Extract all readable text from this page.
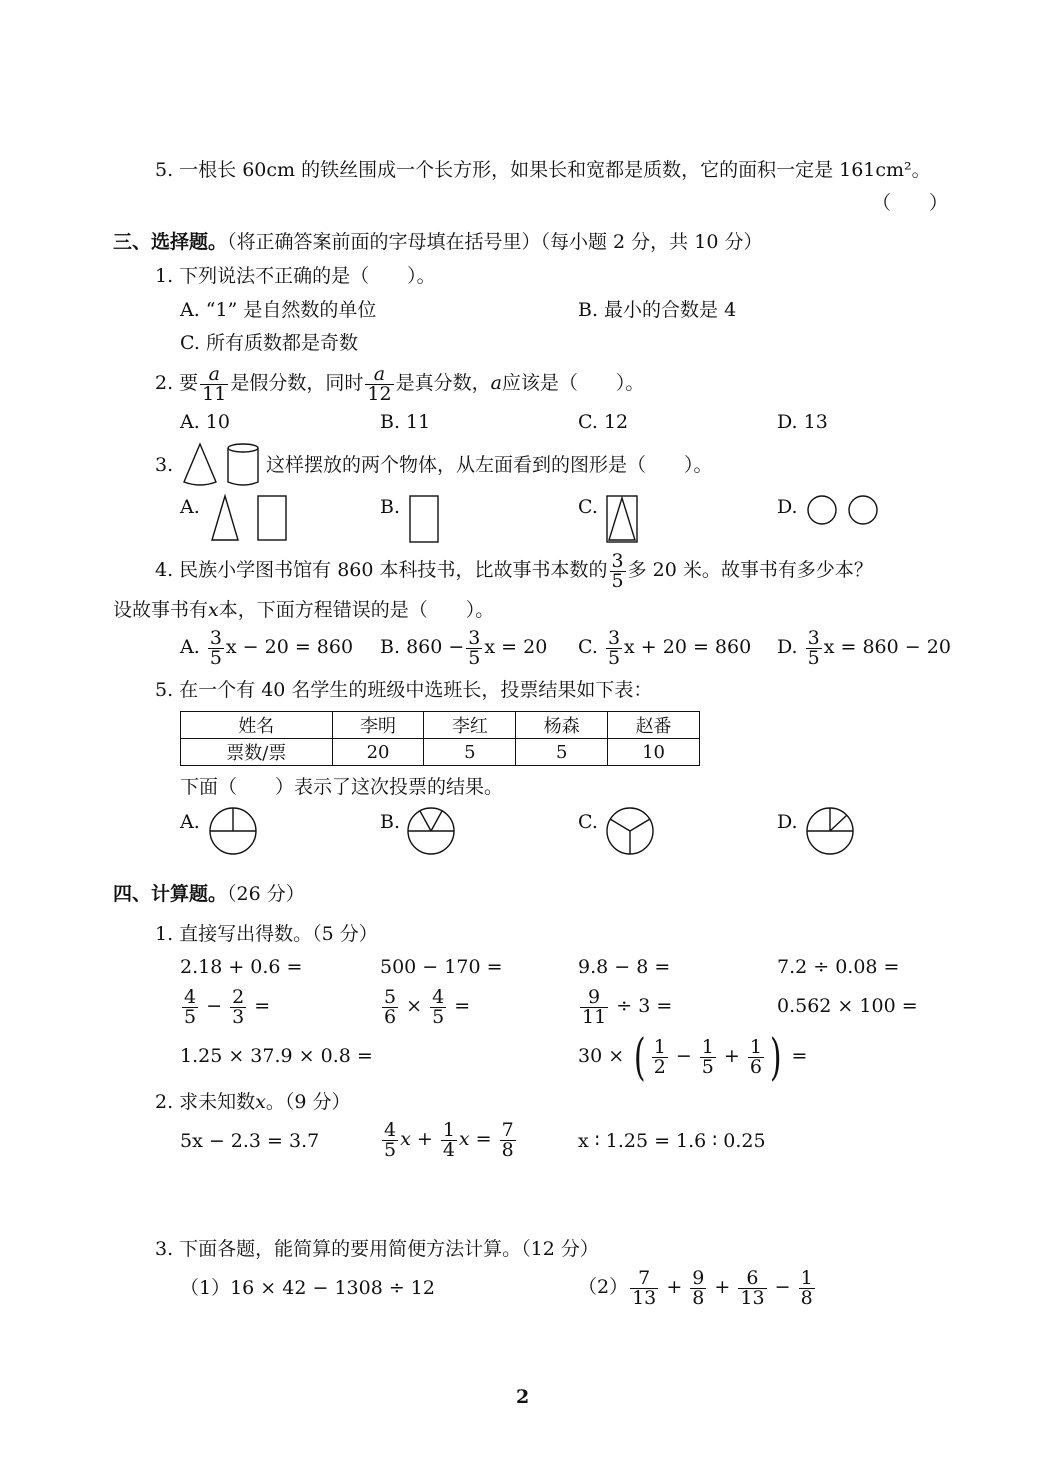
5. 一根长 60cm 的铁丝围成一个长方形，如果长和宽都是质数，它的面积一定是 161cm²。
（　　）
三、选择题。（将正确答案前面的字母填在括号里）（每小题 2 分，共 10 分）
1. 下列说法不正确的是（　　）。
A. “1” 是自然数的单位	B. 最小的合数是 4
C. 所有质数都是奇数
2. 要 $\frac{a}{11}$ 是假分数，同时 $\frac{a}{12}$ 是真分数，a应该是（　　）。
A. 10	B. 11	C. 12	D. 13
3.	这样摆放的两个物体，从左面看到的图形是（　　）。
A.	B.	C.	D.
4. 民族小学图书馆有 860 本科技书，比故事书本数的 $\frac{3}{5}$ 多 20 米。故事书有多少本？
设故事书有x本，下面方程错误的是（　　）。
A. $\frac{3}{5}$ x − 20 = 860 B. $860 - \frac{3}{5}$ x = 20 C. $\frac{3}{5}$ x + 20 = 860 D. $\frac{3}{5}$ x = 860 − 20
5. 在一个有 40 名学生的班级中选班长，投票结果如下表：
姓名	李明	李红	杨森	赵番
票数/票	20	5	5	10
下面（　　）表示了这次投票的结果。
A.	B.	C.	D.
四、计算题。（26 分）
1. 直接写出得数。（5 分）
2.18 + 0.6 =	500 − 170 =	9.8 − 8 =	7.2 ÷ 0.08 =
$\frac{4}{5} - \frac{2}{3}$ =	$\frac{5}{6} \times \frac{4}{5}$ =	$\frac{9}{11} \div 3$ =	0.562 × 100 =
1.25 × 37.9 × 0.8 =	30 × ( $\frac{1}{2} - \frac{1}{5} + \frac{1}{6}$ ) =
2. 求未知数x。（9 分）
5x − 2.3 = 3.7	$\frac{4}{5}$ $x + \frac{1}{4}$ $x = \frac{7}{8}$	x ∶ 1.25 = 1.6 ∶ 0.25
3. 下面各题，能简算的要用简便方法计算。（12 分）
（1）16 × 42 − 1308 ÷ 12	$(2) \frac{7}{13} + \frac{9}{8} + \frac{6}{13} - \frac{1}{8}$
2
